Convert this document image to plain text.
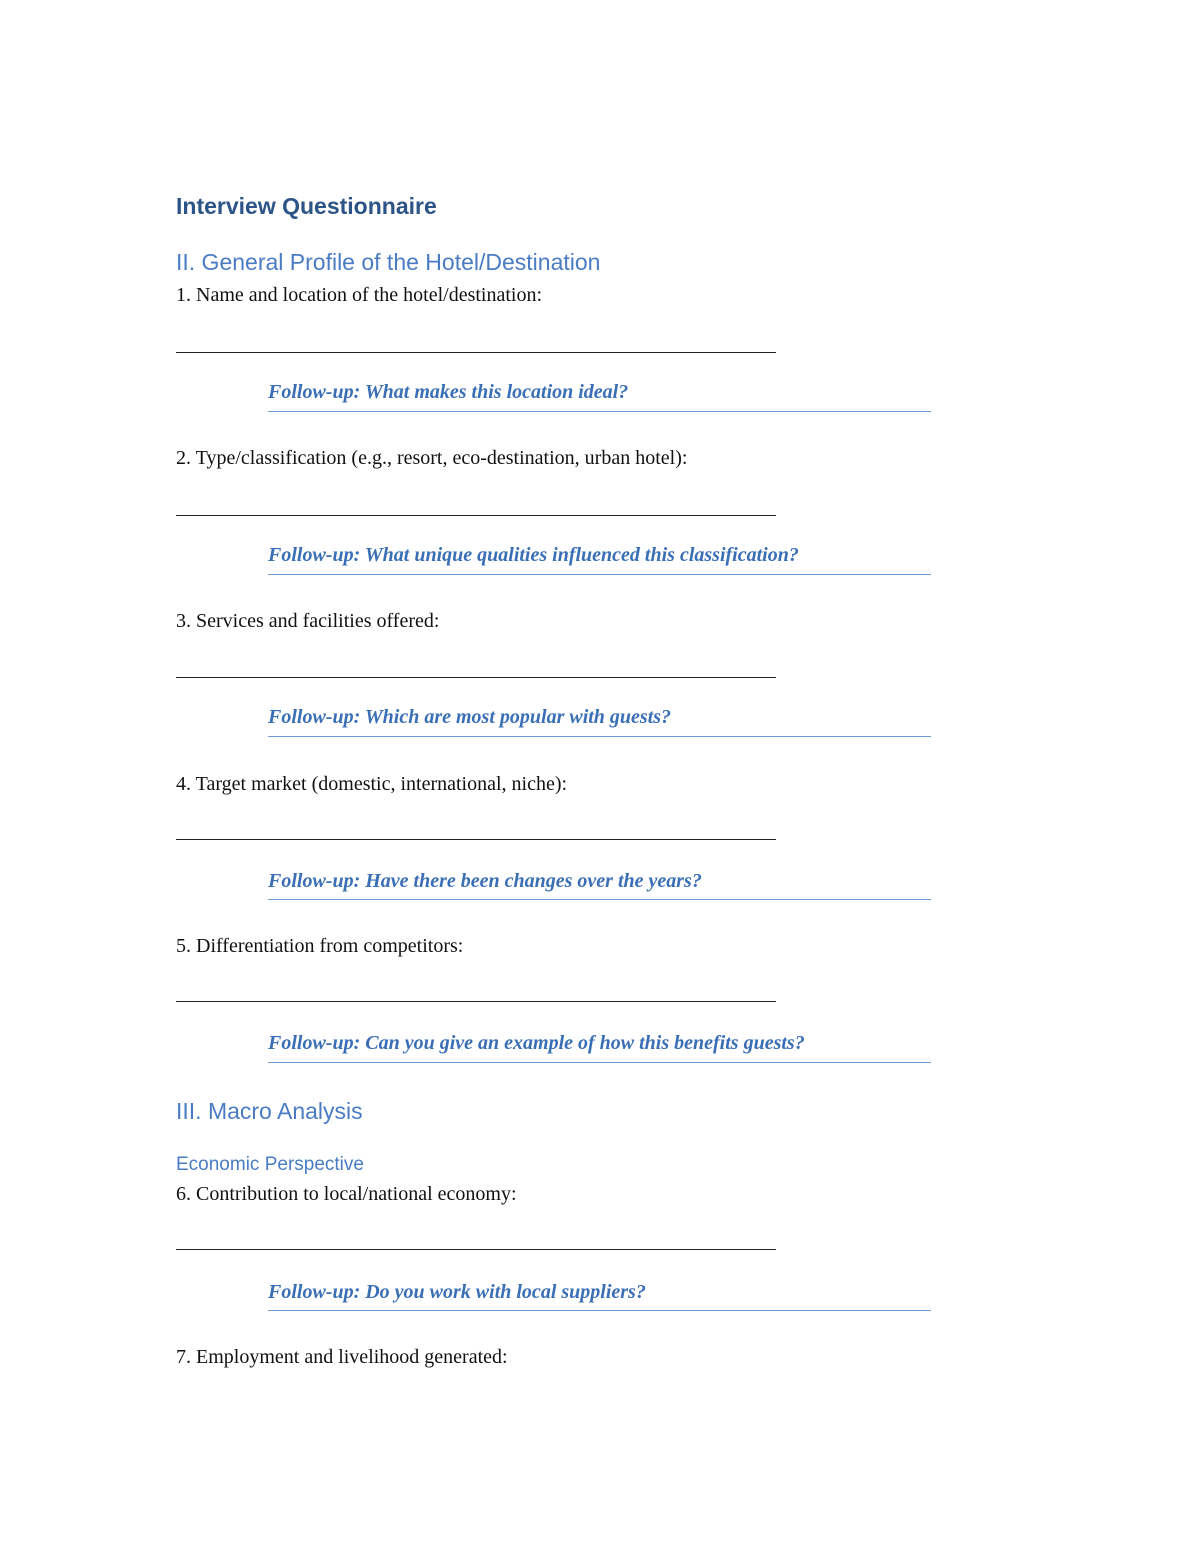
Interview Questionnaire
II. General Profile of the Hotel/Destination
1. Name and location of the hotel/destination:
Follow-up: What makes this location ideal?
2. Type/classification (e.g., resort, eco-destination, urban hotel):
Follow-up: What unique qualities influenced this classification?
3. Services and facilities offered:
Follow-up: Which are most popular with guests?
4. Target market (domestic, international, niche):
Follow-up: Have there been changes over the years?
5. Differentiation from competitors:
Follow-up: Can you give an example of how this benefits guests?
III. Macro Analysis
Economic Perspective
6. Contribution to local/national economy:
Follow-up: Do you work with local suppliers?
7. Employment and livelihood generated:
